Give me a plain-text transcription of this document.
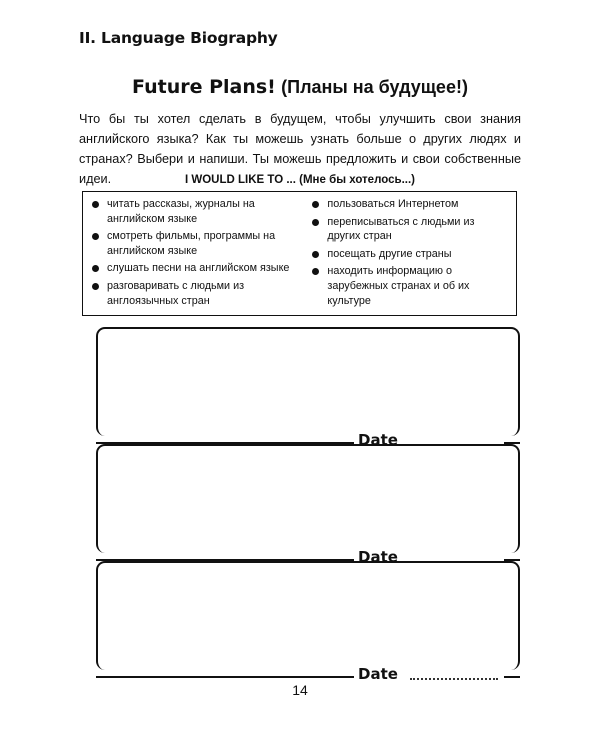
II. Language Biography
Future Plans! (Планы на будущее!)

Что бы ты хотел сделать в будущем, чтобы улучшить свои знания английского языка? Как ты можешь узнать больше о других людях и странах? Выбери и напиши. Ты можешь предложить и свои собственные идеи.	I WOULD LIKE TO ... (Мне бы хотелось...)
читать рассказы, журналы на английском языке
смотреть фильмы, программы на английском языке
слушать песни на английском языке
разговаривать с людьми из англоязычных стран
пользоваться Интернетом
переписываться с людьми из других стран
посещать другие страны
находить информацию о зарубежных странах и об их культуре
Date
Date
Date
14
